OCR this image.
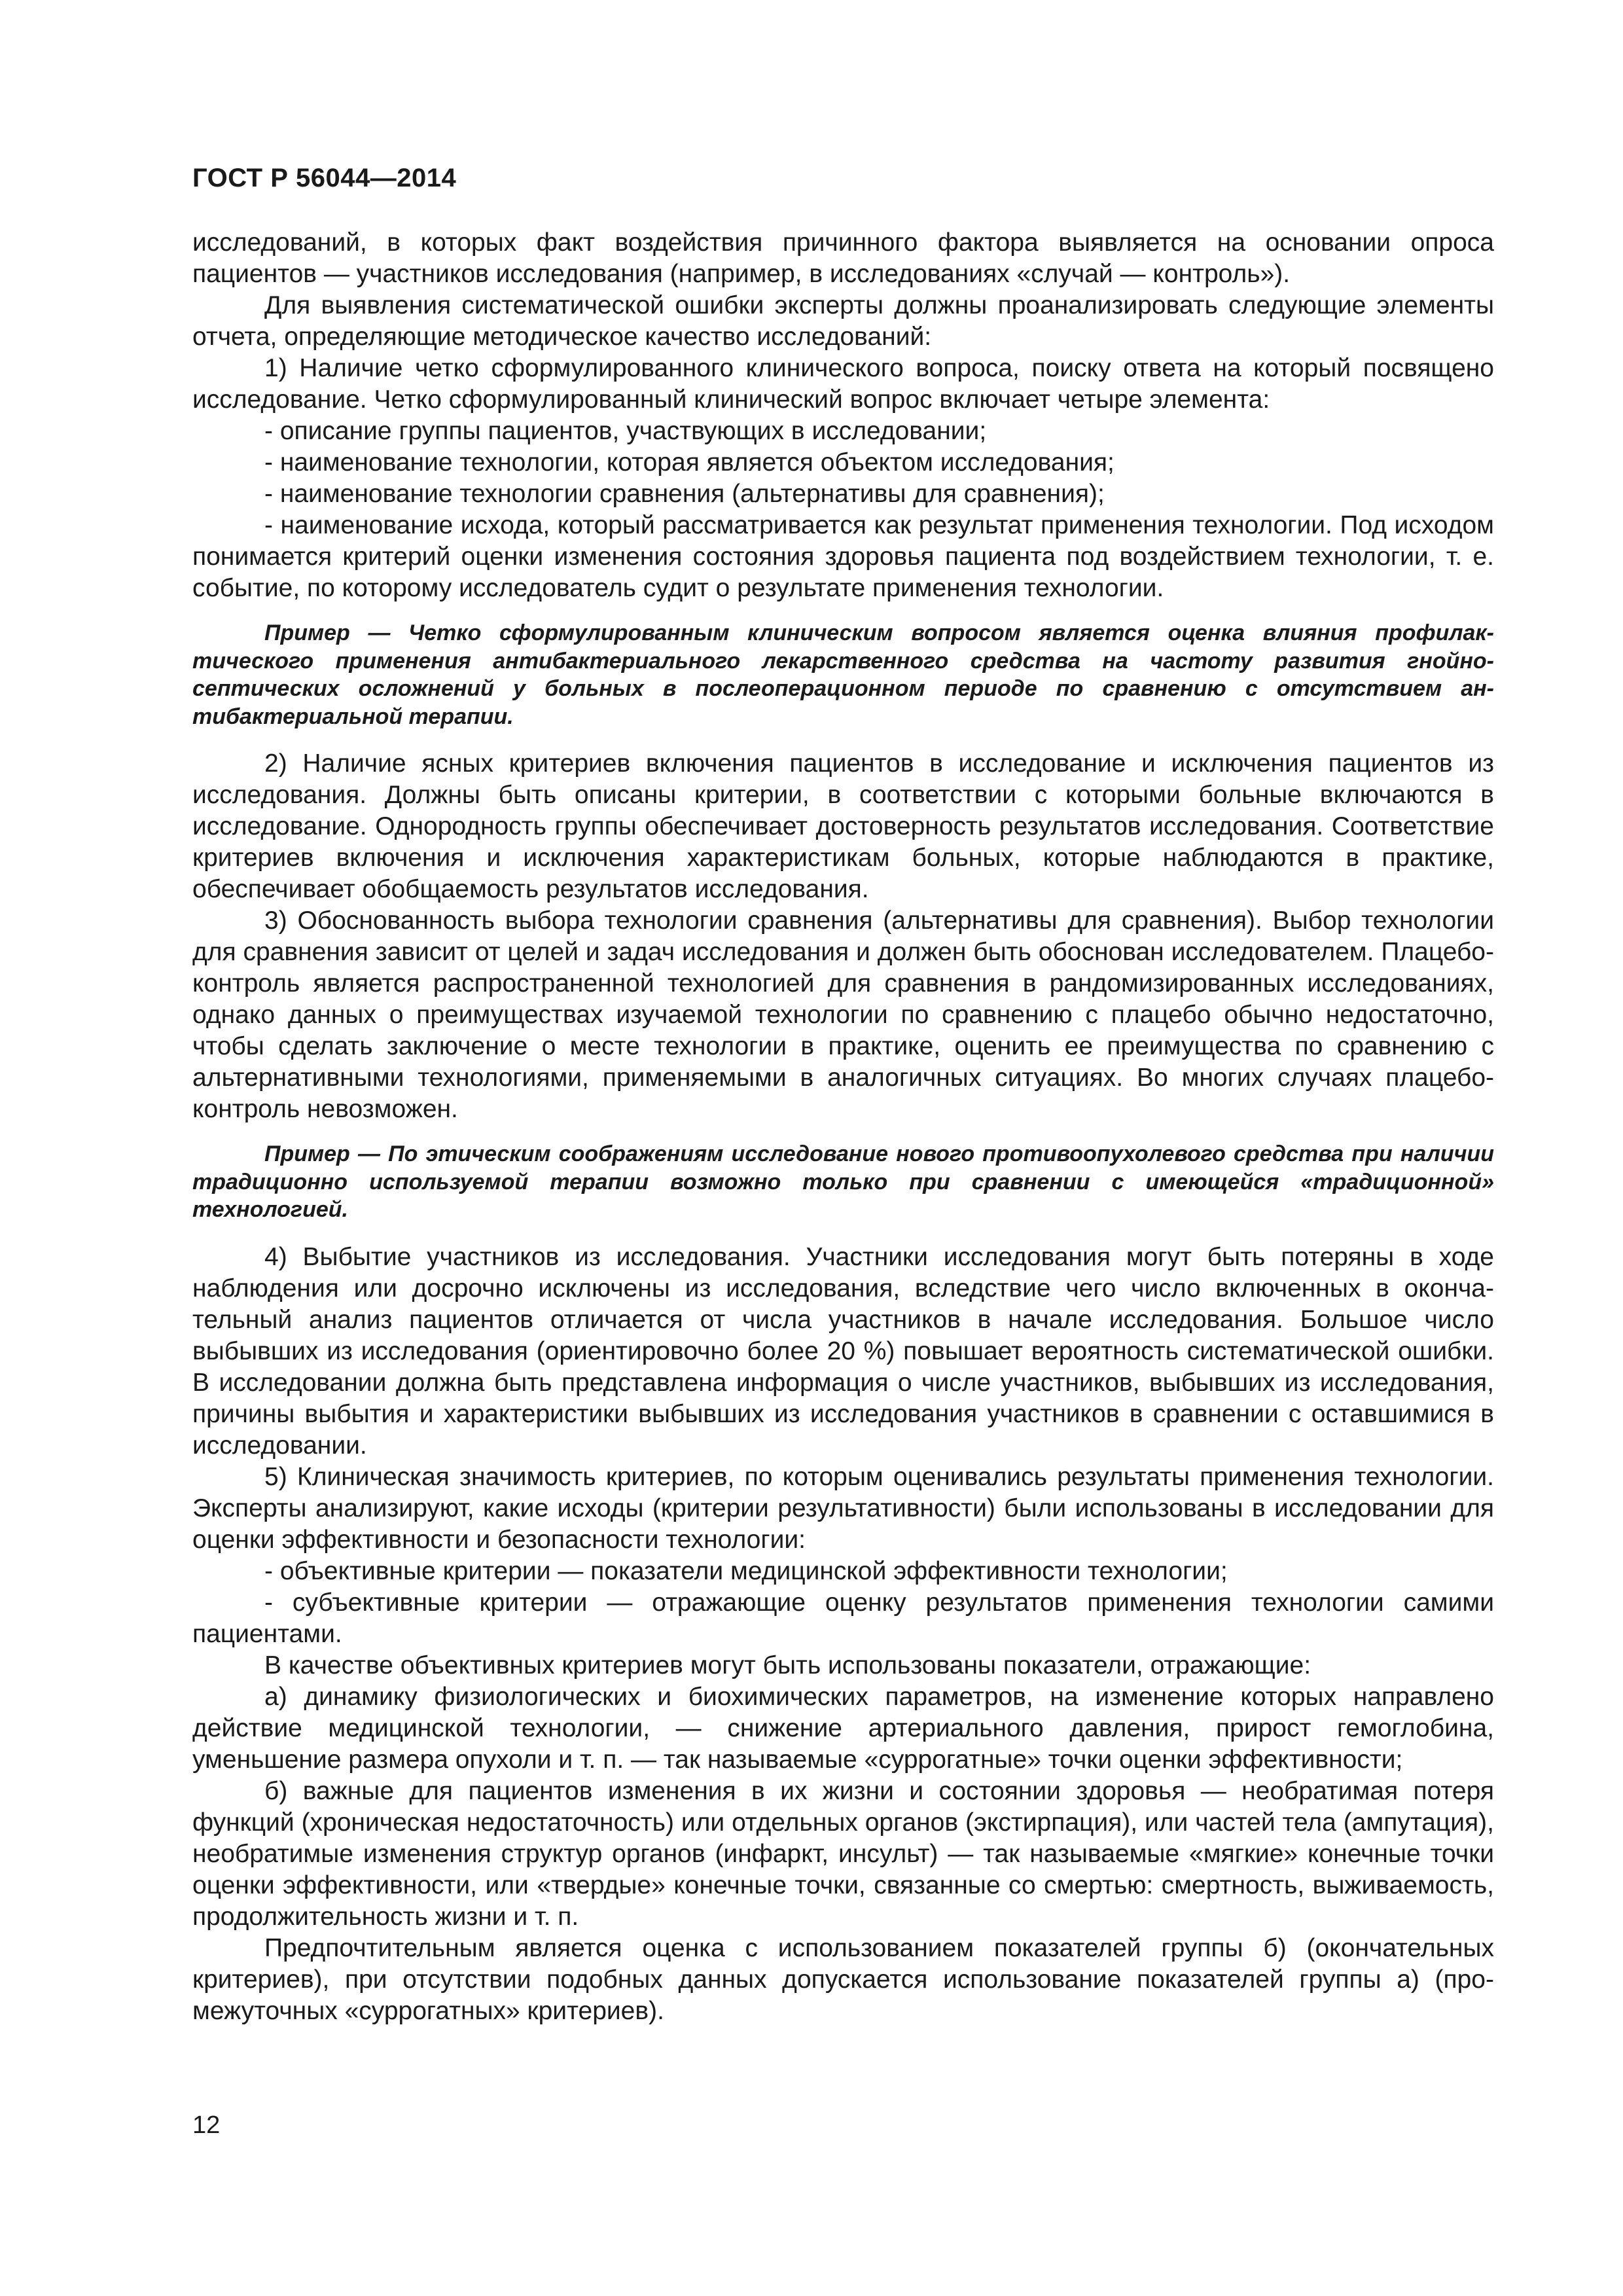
ГОСТ Р 56044—2014

исследований, в которых факт воздействия причинного фактора выявляется на основании опроса пациентов — участников исследования (например, в исследованиях «случай — контроль»).

Для выявления систематической ошибки эксперты должны проанализировать следующие элементы отчета, определяющие методическое качество исследований:

1) Наличие четко сформулированного клинического вопроса, поиску ответа на который посвящено исследование. Четко сформулированный клинический вопрос включает четыре элемента:

- описание группы пациентов, участвующих в исследовании;

- наименование технологии, которая является объектом исследования;

- наименование технологии сравнения (альтернативы для сравнения);

- наименование исхода, который рассматривается как результат применения технологии. Под исходом понимается критерий оценки изменения состояния здоровья пациента под воздействием технологии, т. е. событие, по которому исследователь судит о результате применения технологии.

Пример — Четко сформулированным клиническим вопросом является оценка влияния профилактического применения антибактериального лекарственного средства на частоту развития гнойно-септических осложнений у больных в послеоперационном периоде по сравнению с отсутствием антибактериальной терапии.

2) Наличие ясных критериев включения пациентов в исследование и исключения пациентов из исследования. Должны быть описаны критерии, в соответствии с которыми больные включаются в исследование. Однородность группы обеспечивает достоверность результатов исследования. Соответствие критериев включения и исключения характеристикам больных, которые наблюдаются в практике, обеспечивает обобщаемость результатов исследования.

3) Обоснованность выбора технологии сравнения (альтернативы для сравнения). Выбор технологии для сравнения зависит от целей и задач исследования и должен быть обоснован исследователем. Плацебо-контроль является распространенной технологией для сравнения в рандомизированных исследованиях, однако данных о преимуществах изучаемой технологии по сравнению с плацебо обычно недостаточно, чтобы сделать заключение о месте технологии в практике, оценить ее преимущества по сравнению с альтернативными технологиями, применяемыми в аналогичных ситуациях. Во многих случаях плацебо-контроль невозможен.

Пример — По этическим соображениям исследование нового противоопухолевого средства при наличии традиционно используемой терапии возможно только при сравнении с имеющейся «традиционной» технологией.

4) Выбытие участников из исследования. Участники исследования могут быть потеряны в ходе наблюдения или досрочно исключены из исследования, вследствие чего число включенных в окончательный анализ пациентов отличается от числа участников в начале исследования. Большое число выбывших из исследования (ориентировочно более 20 %) повышает вероятность систематической ошибки. В исследовании должна быть представлена информация о числе участников, выбывших из исследования, причины выбытия и характеристики выбывших из исследования участников в сравнении с оставшимися в исследовании.

5) Клиническая значимость критериев, по которым оценивались результаты применения технологии. Эксперты анализируют, какие исходы (критерии результативности) были использованы в исследовании для оценки эффективности и безопасности технологии:

- объективные критерии — показатели медицинской эффективности технологии;

- субъективные критерии — отражающие оценку результатов применения технологии самими пациентами.

В качестве объективных критериев могут быть использованы показатели, отражающие:

а) динамику физиологических и биохимических параметров, на изменение которых направлено действие медицинской технологии, — снижение артериального давления, прирост гемоглобина, уменьшение размера опухоли и т. п. — так называемые «суррогатные» точки оценки эффективности;

б) важные для пациентов изменения в их жизни и состоянии здоровья — необратимая потеря функций (хроническая недостаточность) или отдельных органов (экстирпация), или частей тела (ампутация), необратимые изменения структур органов (инфаркт, инсульт) — так называемые «мягкие» конечные точки оценки эффективности, или «твердые» конечные точки, связанные со смертью: смертность, выживаемость, продолжительность жизни и т. п.

Предпочтительным является оценка с использованием показателей группы б) (окончательных критериев), при отсутствии подобных данных допускается использование показателей группы а) (промежуточных «суррогатных» критериев).

12
